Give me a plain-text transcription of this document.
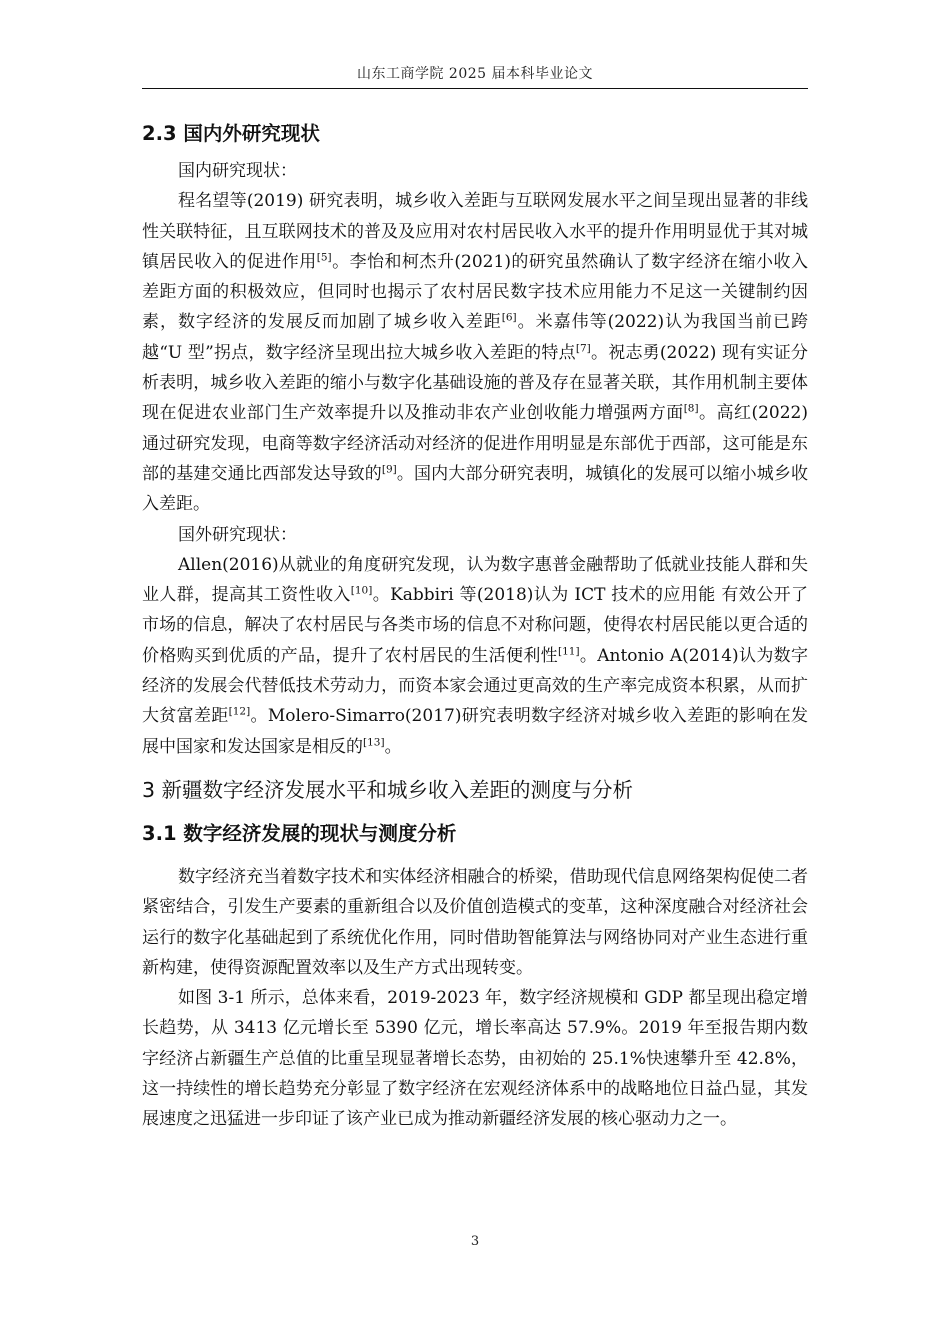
山东工商学院 2025 届本科毕业论文
2.3 国内外研究现状

国内研究现状：

程名望等(2019) 研究表明，城乡收入差距与互联网发展水平之间呈现出显著的非线性关联特征，且互联网技术的普及及应用对农村居民收入水平的提升作用明显优于其对城镇居民收入的促进作用[5]。李怡和柯杰升(2021)的研究虽然确认了数字经济在缩小收入差距方面的积极效应，但同时也揭示了农村居民数字技术应用能力不足这一关键制约因素，数字经济的发展反而加剧了城乡收入差距[6]。米嘉伟等(2022)认为我国当前已跨越“U 型”拐点，数字经济呈现出拉大城乡收入差距的特点[7]。祝志勇(2022) 现有实证分析表明，城乡收入差距的缩小与数字化基础设施的普及存在显著关联，其作用机制主要体现在促进农业部门生产效率提升以及推动非农产业创收能力增强两方面[8]。高红(2022)通过研究发现，电商等数字经济活动对经济的促进作用明显是东部优于西部，这可能是东部的基建交通比西部发达导致的[9]。国内大部分研究表明，城镇化的发展可以缩小城乡收入差距。

国外研究现状：

Allen(2016)从就业的角度研究发现，认为数字惠普金融帮助了低就业技能人群和失业人群，提高其工资性收入[10]。Kabbiri 等(2018)认为 ICT 技术的应用能 有效公开了市场的信息，解决了农村居民与各类市场的信息不对称问题，使得农村居民能以更合适的价格购买到优质的产品，提升了农村居民的生活便利性[11]。Antonio A(2014)认为数字经济的发展会代替低技术劳动力，而资本家会通过更高效的生产率完成资本积累，从而扩大贫富差距[12]。Molero-Simarro(2017)研究表明数字经济对城乡收入差距的影响在发展中国家和发达国家是相反的[13]。

3 新疆数字经济发展水平和城乡收入差距的测度与分析
3.1 数字经济发展的现状与测度分析

数字经济充当着数字技术和实体经济相融合的桥梁，借助现代信息网络架构促使二者紧密结合，引发生产要素的重新组合以及价值创造模式的变革，这种深度融合对经济社会运行的数字化基础起到了系统优化作用，同时借助智能算法与网络协同对产业生态进行重新构建，使得资源配置效率以及生产方式出现转变。

如图 3-1 所示，总体来看，2019-2023 年，数字经济规模和 GDP 都呈现出稳定增长趋势，从 3413 亿元增长至 5390 亿元，增长率高达 57.9%。2019 年至报告期内数字经济占新疆生产总值的比重呈现显著增长态势，由初始的 25.1%快速攀升至 42.8%，这一持续性的增长趋势充分彰显了数字经济在宏观经济体系中的战略地位日益凸显，其发展速度之迅猛进一步印证了该产业已成为推动新疆经济发展的核心驱动力之一。

3
